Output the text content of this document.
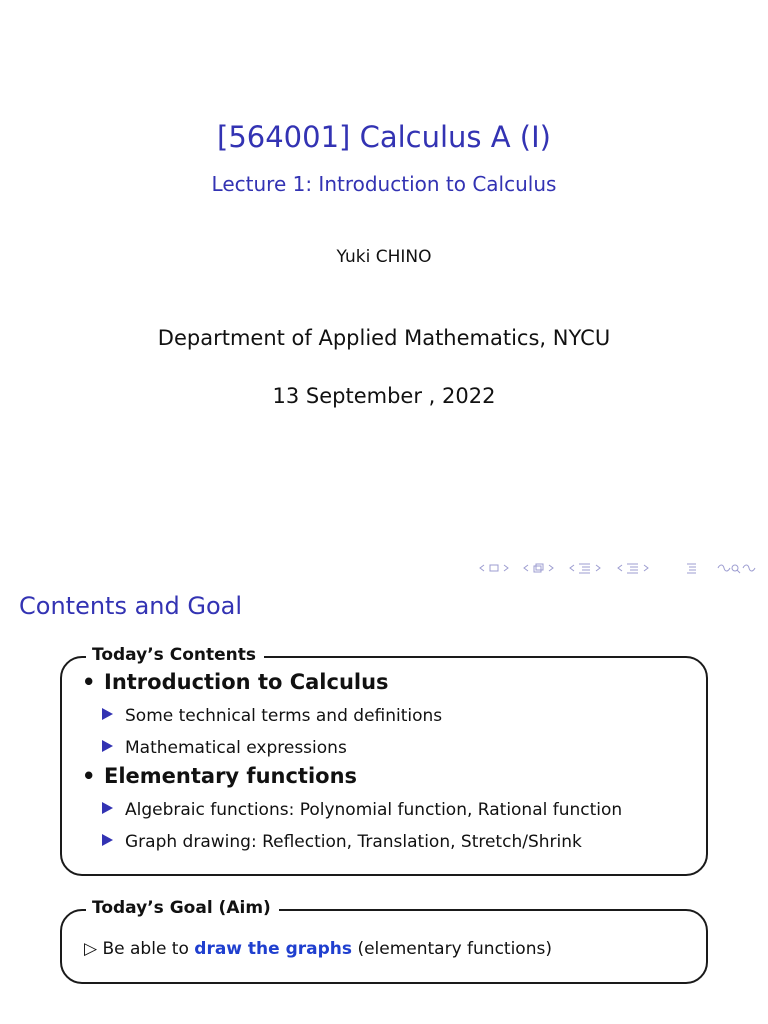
[564001] Calculus A (I)
Lecture 1: Introduction to Calculus
Yuki CHINO
Department of Applied Mathematics, NYCU
13 September , 2022
Contents and Goal
Today’s Contents
• Introduction to Calculus
Some technical terms and definitions
Mathematical expressions
• Elementary functions
Algebraic functions: Polynomial function, Rational function
Graph drawing: Reflection, Translation, Stretch/Shrink
Today’s Goal (Aim)
▷ Be able to draw the graphs (elementary functions)
